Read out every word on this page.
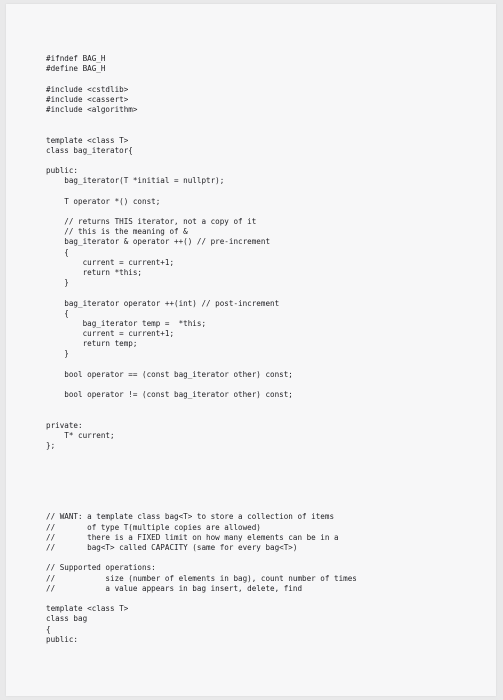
#ifndef BAG_H
#define BAG_H
#include <cstdlib>
#include <cassert>
#include <algorithm>
template <class T>
class bag_iterator{
public:
bag_iterator(T *initial = nullptr);
T operator *() const;
// returns THIS iterator, not a copy of it
// this is the meaning of &
bag_iterator & operator ++() // pre-increment
{
current = current+1;
return *this;
}
bag_iterator operator ++(int) // post-increment
{
bag_iterator temp =  *this;
current = current+1;
return temp;
}
bool operator == (const bag_iterator other) const;
bool operator != (const bag_iterator other) const;
private:
T* current;
};
// WANT: a template class bag<T> to store a collection of items
//       of type T(multiple copies are allowed)
//       there is a FIXED limit on how many elements can be in a
//       bag<T> called CAPACITY (same for every bag<T>)
// Supported operations:
//           size (number of elements in bag), count number of times
//           a value appears in bag insert, delete, find
template <class T>
class bag
{
public:
